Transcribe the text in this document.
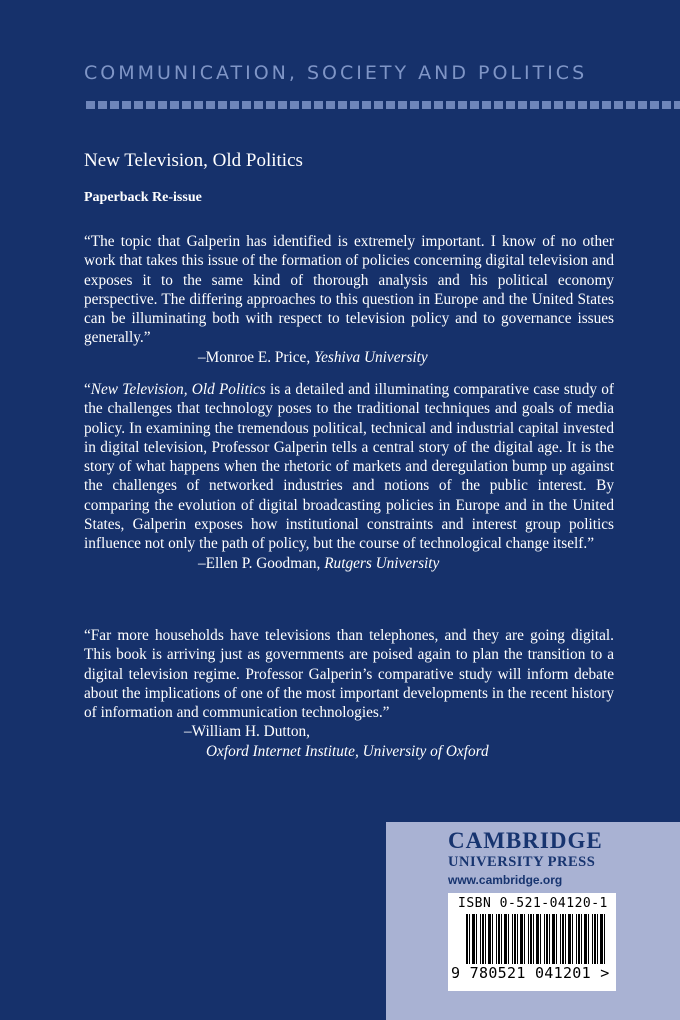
COMMUNICATION, SOCIETY AND POLITICS
New Television, Old Politics
Paperback Re-issue

“The topic that Galperin has identified is extremely important. I know of no other work that takes this issue of the formation of policies concerning digital television and exposes it to the same kind of thorough analysis and his political economy perspective. The differing approaches to this question in Europe and the United States can be illuminating both with respect to television policy and to governance issues generally.”

–Monroe E. Price, Yeshiva University

“New Television, Old Politics is a detailed and illuminating comparative case study of the challenges that technology poses to the traditional techniques and goals of media policy. In examining the tremendous political, technical and industrial capital invested in digital television, Professor Galperin tells a central story of the digital age. It is the story of what happens when the rhetoric of markets and deregulation bump up against the challenges of networked industries and notions of the public interest. By comparing the evolution of digital broadcasting policies in Europe and in the United States, Galperin exposes how institutional constraints and interest group politics influence not only the path of policy, but the course of technological change itself.”

–Ellen P. Goodman, Rutgers University

“Far more households have televisions than telephones, and they are going digital. This book is arriving just as governments are poised again to plan the transition to a digital television regime. Professor Galperin’s comparative study will inform debate about the implications of one of the most important developments in the recent history of information and communication technologies.”

–William H. Dutton,
Oxford Internet Institute, University of Oxford
CAMBRIDGE
UNIVERSITY PRESS
www.cambridge.org
ISBN 0-521-04120-1
9 780521 041201 >
